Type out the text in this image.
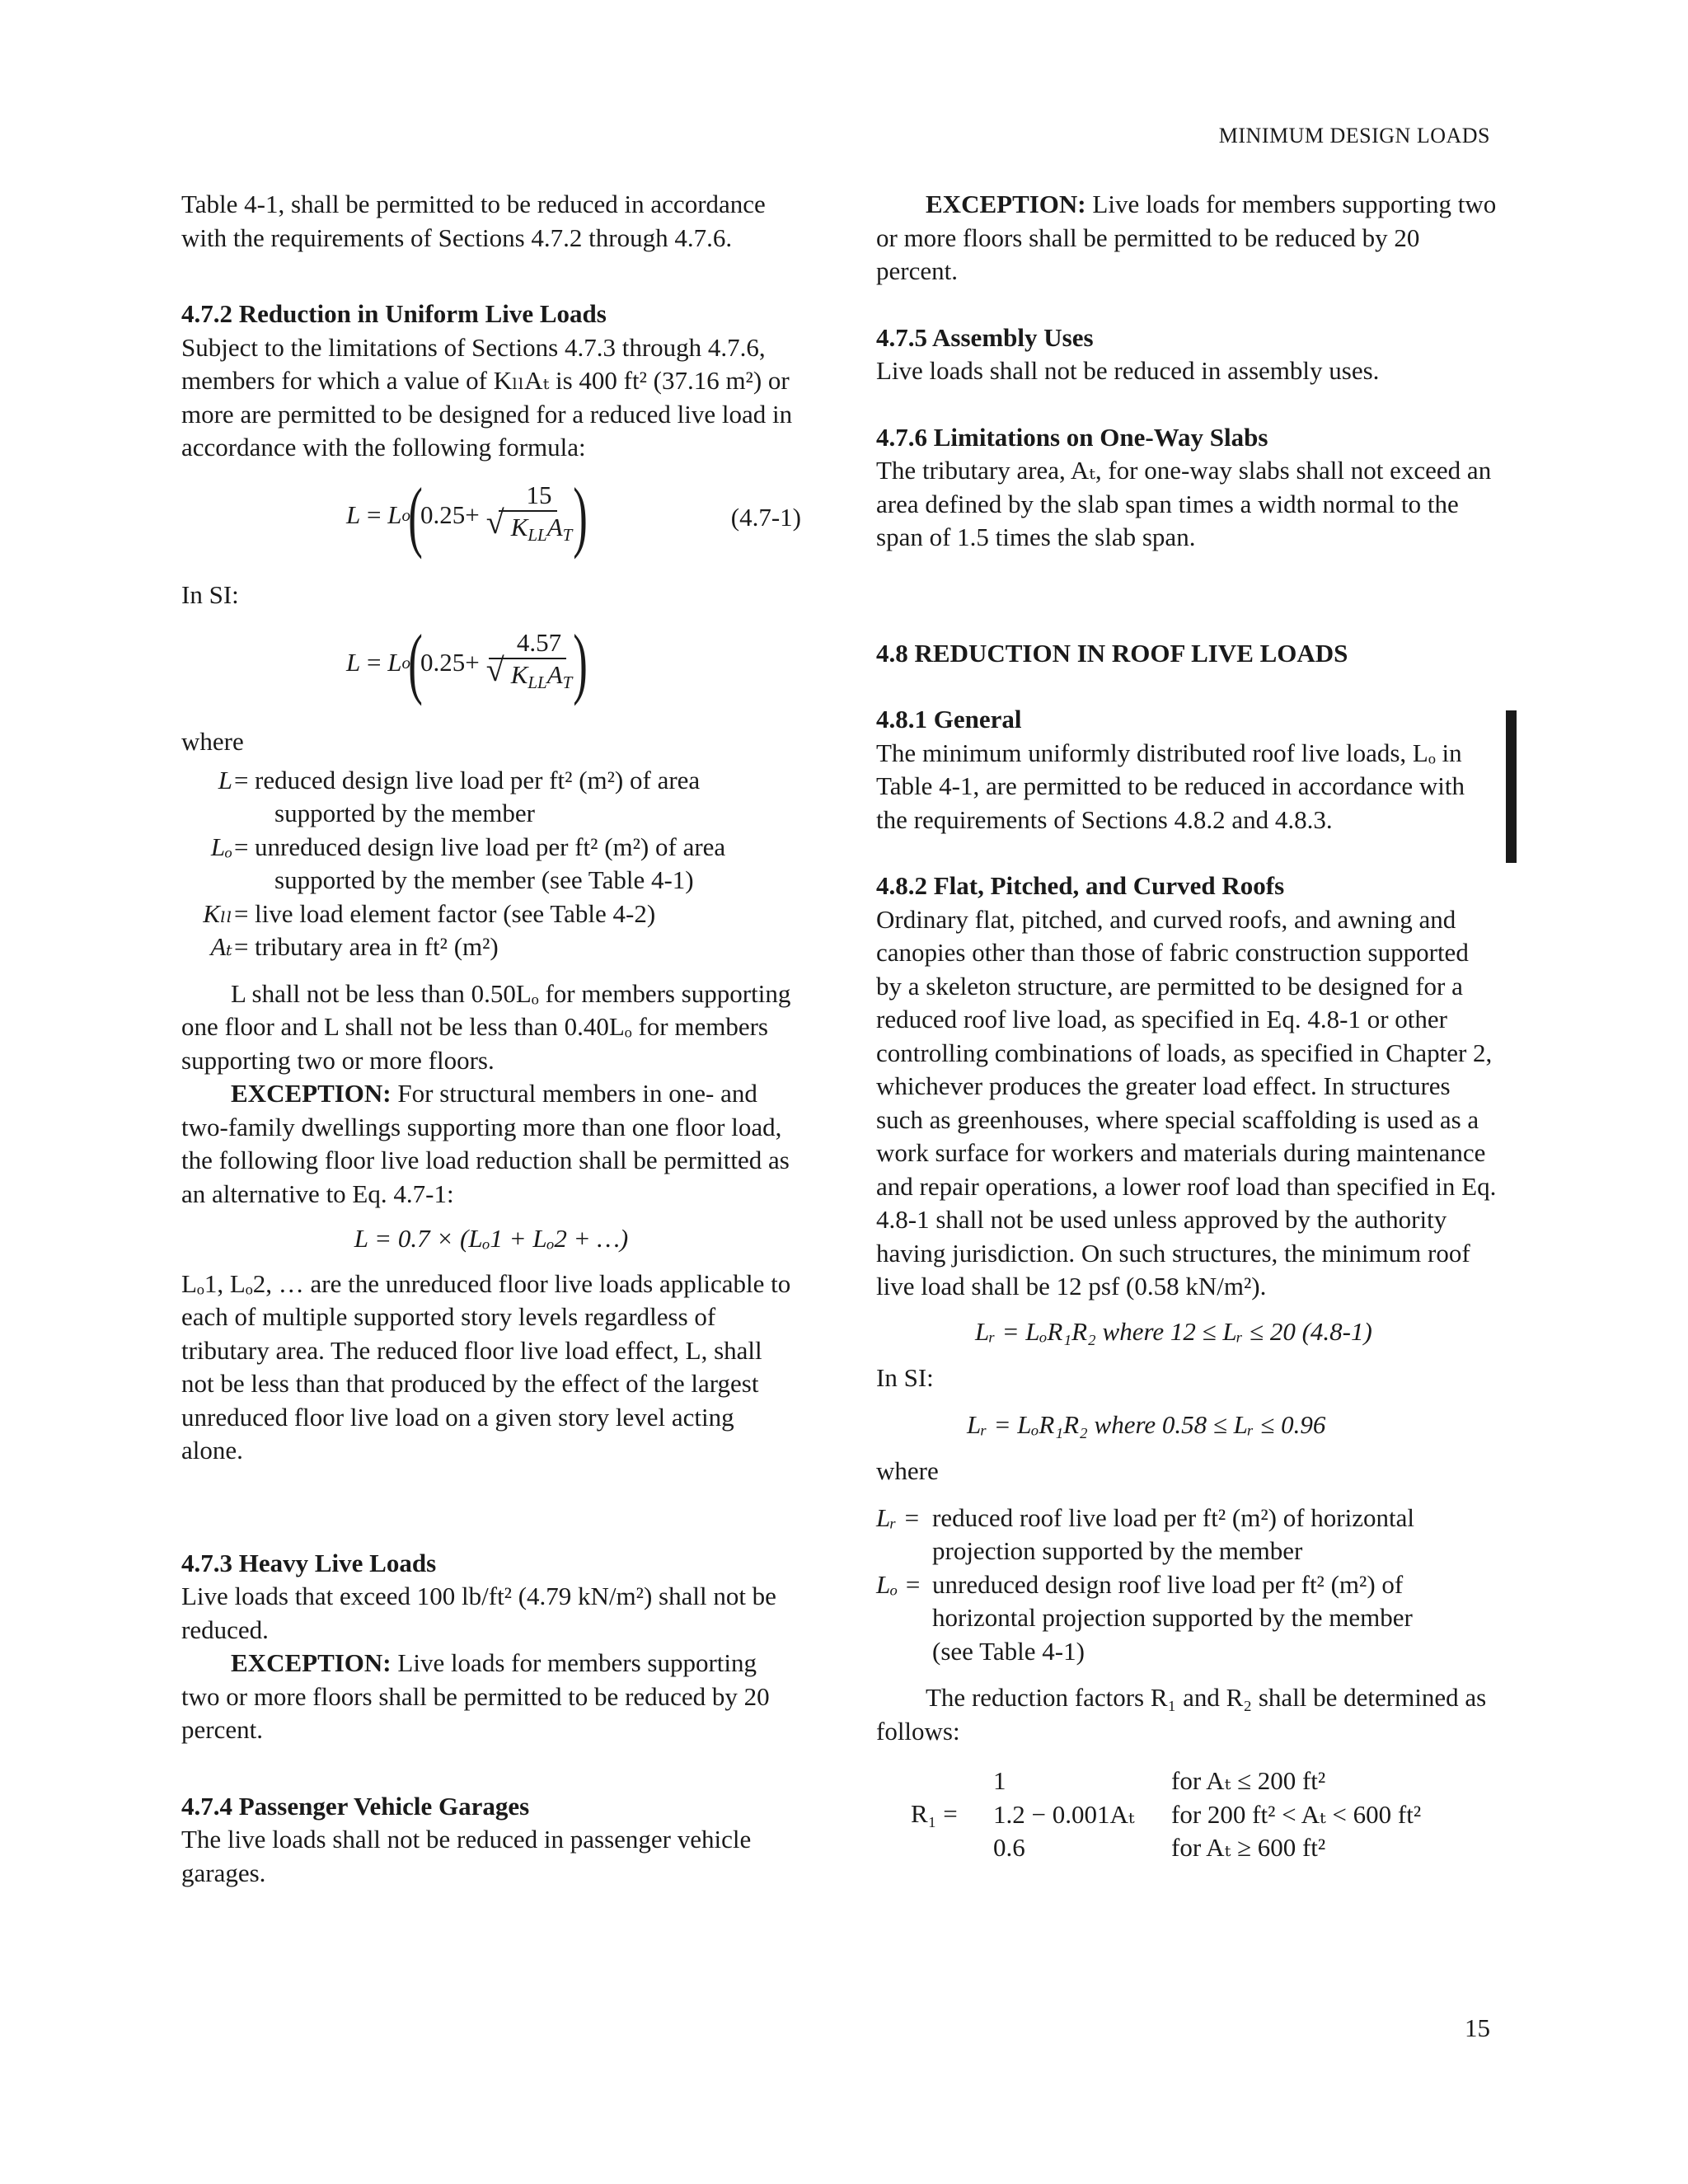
MINIMUM DESIGN LOADS

Table 4-1, shall be permitted to be reduced in accordance with the requirements of Sections 4.7.2 through 4.7.6.

4.7.2 Reduction in Uniform Live Loads

Subject to the limitations of Sections 4.7.3 through 4.7.6, members for which a value of KₗₗAₜ is 400 ft² (37.16 m²) or more are permitted to be designed for a reduced live load in accordance with the following formula:

L = L o
(
0.25+ 15
√ $K_{LL}A_T$ )	(4.7-1)

In SI:

L = L o
(
0.25+ 4.57
√ $K_{LL}A_T$ )

where

L = reduced design live load per ft² (m²) of area
supported by the member
Lₒ = unreduced design live load per ft² (m²) of area
supported by the member (see Table 4-1)
Kₗₗ = live load element factor (see Table 4-2)
Aₜ = tributary area in ft² (m²)

L shall not be less than 0.50Lₒ for members supporting one floor and L shall not be less than 0.40Lₒ for members supporting two or more floors.

EXCEPTION: For structural members in one- and two-family dwellings supporting more than one floor load, the following floor live load reduction shall be permitted as an alternative to Eq. 4.7-1:

L = 0.7 × (Lₒ1 + Lₒ2 + …)

Lₒ1, Lₒ2, … are the unreduced floor live loads applicable to each of multiple supported story levels regardless of tributary area. The reduced floor live load effect, L, shall not be less than that produced by the effect of the largest unreduced floor live load on a given story level acting alone.

4.7.3 Heavy Live Loads

Live loads that exceed 100 lb/ft² (4.79 kN/m²) shall not be reduced.

EXCEPTION: Live loads for members supporting two or more floors shall be permitted to be reduced by 20 percent.

4.7.4 Passenger Vehicle Garages

The live loads shall not be reduced in passenger vehicle garages.

EXCEPTION: Live loads for members supporting two or more floors shall be permitted to be reduced by 20 percent.

4.7.5 Assembly Uses

Live loads shall not be reduced in assembly uses.

4.7.6 Limitations on One-Way Slabs

The tributary area, Aₜ, for one-way slabs shall not exceed an area defined by the slab span times a width normal to the span of 1.5 times the slab span.

4.8 REDUCTION IN ROOF LIVE LOADS

4.8.1 General

The minimum uniformly distributed roof live loads, Lₒ in Table 4-1, are permitted to be reduced in accordance with the requirements of Sections 4.8.2 and 4.8.3.

4.8.2 Flat, Pitched, and Curved Roofs

Ordinary flat, pitched, and curved roofs, and awning and canopies other than those of fabric construction supported by a skeleton structure, are permitted to be designed for a reduced roof live load, as specified in Eq. 4.8-1 or other controlling combinations of loads, as specified in Chapter 2, whichever produces the greater load effect. In structures such as greenhouses, where special scaffolding is used as a work surface for workers and materials during maintenance and repair operations, a lower roof load than specified in Eq. 4.8-1 shall not be used unless approved by the authority having jurisdiction. On such structures, the minimum roof live load shall be 12 psf (0.58 kN/m²).

Lᵣ = LₒR₁R₂ where 12 ≤ Lᵣ ≤ 20 (4.8-1)

In SI:

Lᵣ = LₒR₁R₂ where 0.58 ≤ Lᵣ ≤ 0.96

where

Lᵣ = reduced roof live load per ft² (m²) of horizontal
projection supported by the member
Lₒ = unreduced design roof live load per ft² (m²) of
horizontal projection supported by the member
(see Table 4-1)

The reduction factors R₁ and R₂ shall be determined as follows:

R₁ =
1
1.2 − 0.001Aₜ
0.6
for Aₜ ≤ 200 ft²
for 200 ft² < Aₜ < 600 ft²
for Aₜ ≥ 600 ft²
15
